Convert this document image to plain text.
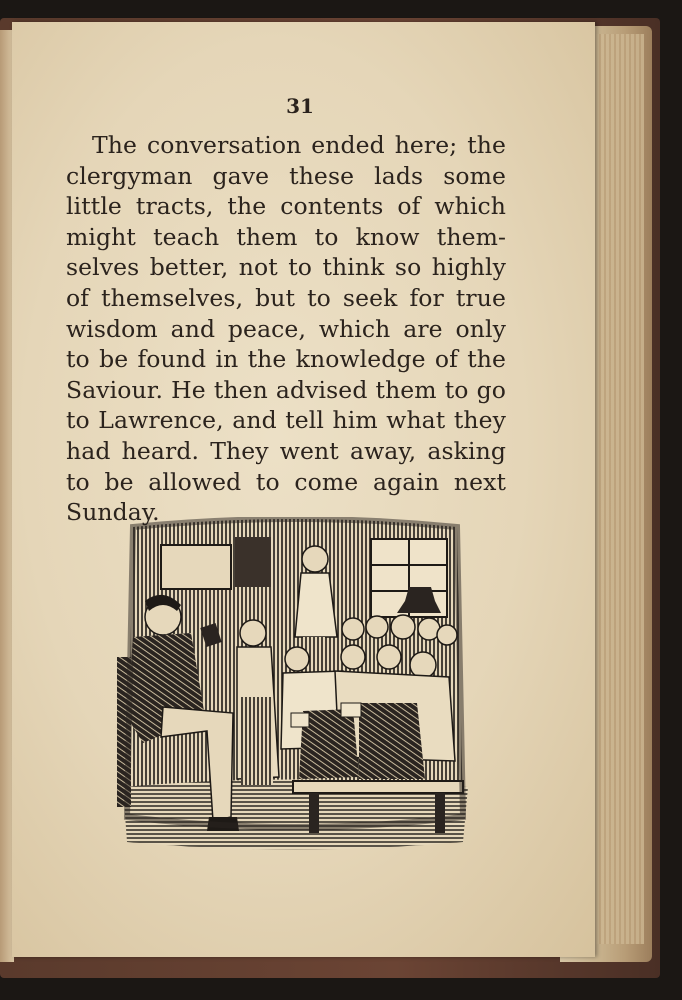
31

The conversation ended here; the clergyman gave these lads some little tracts, the contents of which might teach them to know them-selves better, not to think so highly of themselves, but to seek for true wisdom and peace, which are only to be found in the knowledge of the Saviour. He then advised them to go to Lawrence, and tell him what they had heard. They went away, asking to be allowed to come again next Sunday.
